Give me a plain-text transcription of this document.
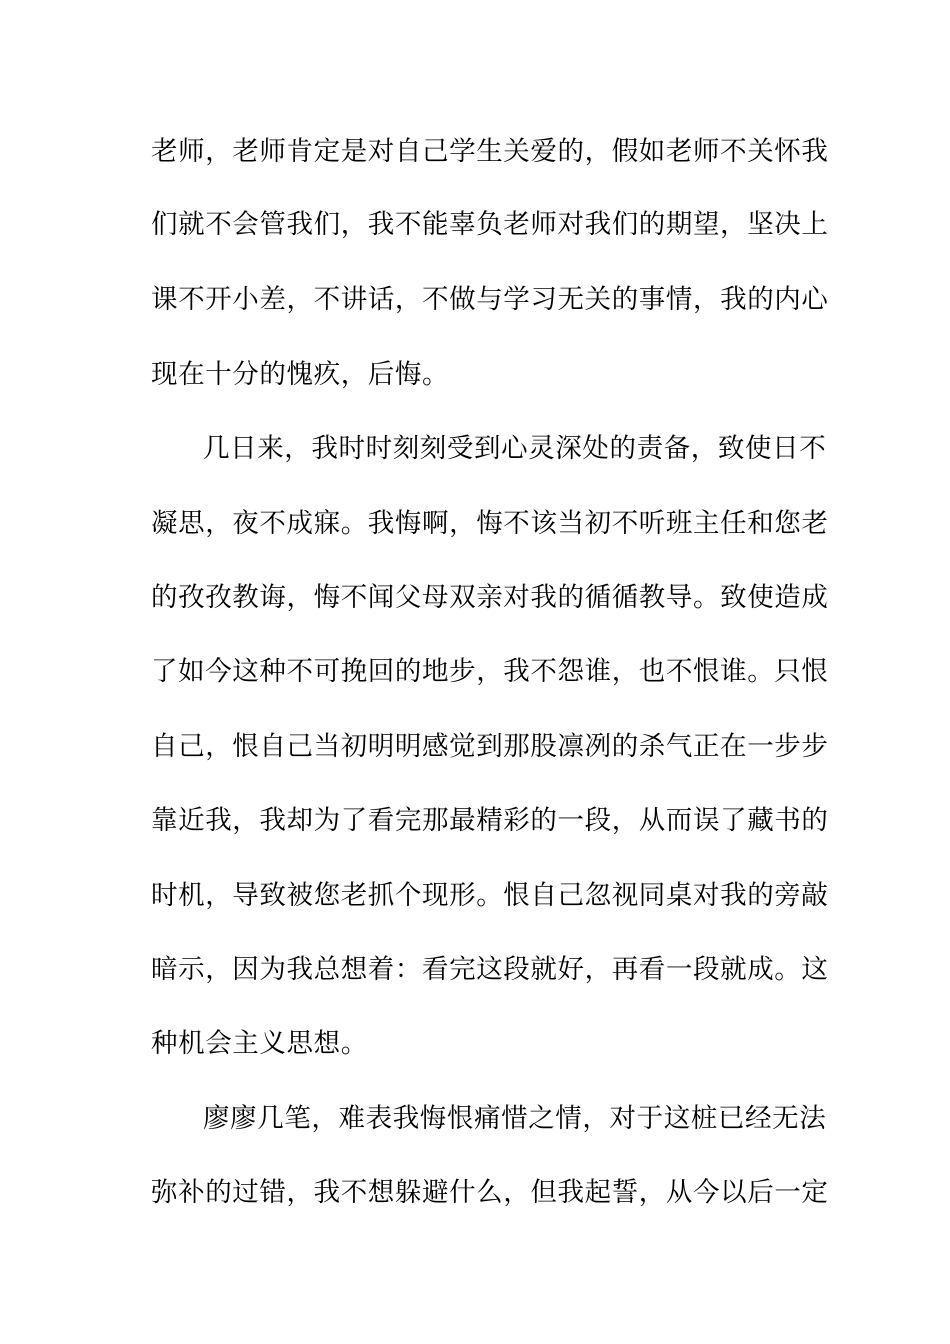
老师，老师肯定是对自己学生关爱的，假如老师不关怀我
们就不会管我们，我不能辜负老师对我们的期望，坚决上
课不开小差，不讲话，不做与学习无关的事情，我的内心
现在十分的愧疚，后悔。
几日来，我时时刻刻受到心灵深处的责备，致使日不
凝思，夜不成寐。我悔啊，悔不该当初不听班主任和您老
的孜孜教诲，悔不闻父母双亲对我的循循教导。致使造成
了如今这种不可挽回的地步，我不怨谁，也不恨谁。只恨
自己，恨自己当初明明感觉到那股凛冽的杀气正在一步步
靠近我，我却为了看完那最精彩的一段，从而误了藏书的
时机，导致被您老抓个现形。恨自己忽视同桌对我的旁敲
暗示，因为我总想着：看完这段就好，再看一段就成。这
种机会主义思想。
廖廖几笔，难表我悔恨痛惜之情，对于这桩已经无法
弥补的过错，我不想躲避什么，但我起誓，从今以后一定
